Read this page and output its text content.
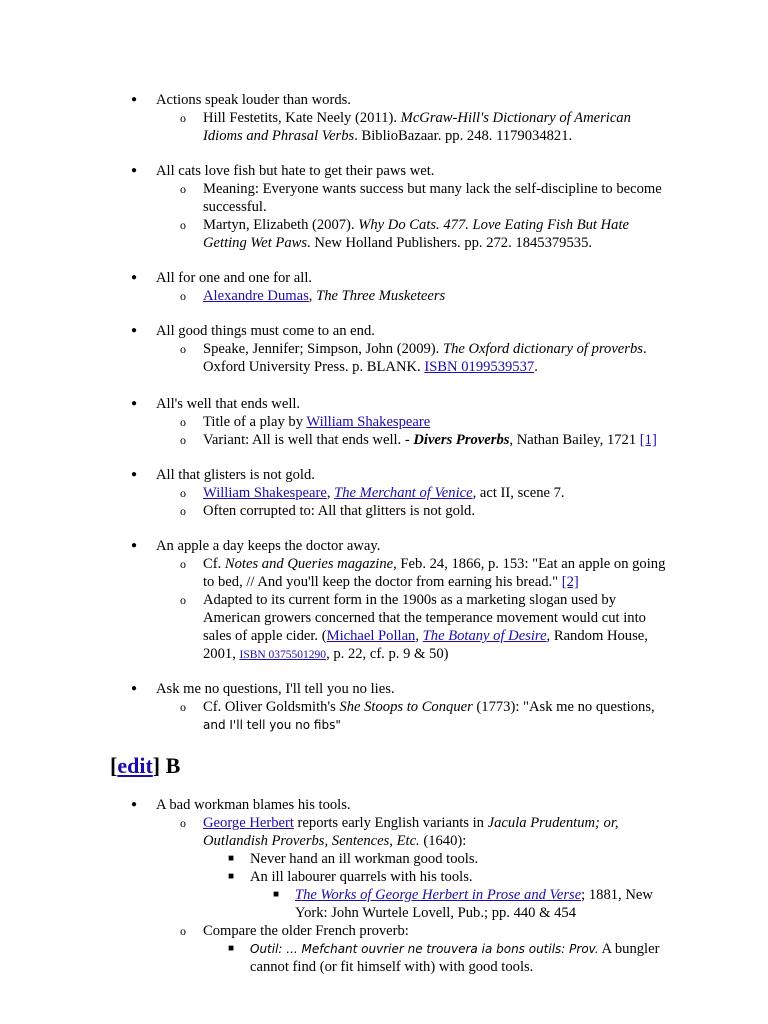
● Actions speak louder than words.
o Hill Festetits, Kate Neely (2011). McGraw-Hill's Dictionary of American
Idioms and Phrasal Verbs. BiblioBazaar. pp. 248. 1179034821.
● All cats love fish but hate to get their paws wet.
o Meaning: Everyone wants success but many lack the self-discipline to become
successful.
o Martyn, Elizabeth (2007). Why Do Cats. 477. Love Eating Fish But Hate
Getting Wet Paws. New Holland Publishers. pp. 272. 1845379535.
● All for one and one for all.
o Alexandre Dumas, The Three Musketeers
● All good things must come to an end.
o Speake, Jennifer; Simpson, John (2009). The Oxford dictionary of proverbs.
Oxford University Press. p. BLANK. ISBN 0199539537.
● All's well that ends well.
o Title of a play by William Shakespeare
o Variant: All is well that ends well. - Divers Proverbs, Nathan Bailey, 1721 [1]
● All that glisters is not gold.
o William Shakespeare, The Merchant of Venice, act II, scene 7.
o Often corrupted to: All that glitters is not gold.
● An apple a day keeps the doctor away.
o Cf. Notes and Queries magazine, Feb. 24, 1866, p. 153: "Eat an apple on going
to bed, // And you'll keep the doctor from earning his bread." [2]
o Adapted to its current form in the 1900s as a marketing slogan used by
American growers concerned that the temperance movement would cut into
sales of apple cider. (Michael Pollan, The Botany of Desire, Random House,
2001, ISBN 0375501290, p. 22, cf. p. 9 & 50)
● Ask me no questions, I'll tell you no lies.
o Cf. Oliver Goldsmith's She Stoops to Conquer (1773): "Ask me no questions,
and I'll tell you no fibs"
[edit] B
● A bad workman blames his tools.
o George Herbert reports early English variants in Jacula Prudentum; or,
Outlandish Proverbs, Sentences, Etc. (1640):
■ Never hand an ill workman good tools.
■ An ill labourer quarrels with his tools.
■ The Works of George Herbert in Prose and Verse; 1881, New
York: John Wurtele Lovell, Pub.; pp. 440 & 454
o Compare the older French proverb:
■ Outil: ... Mefchant ouvrier ne trouvera ia bons outils: Prov. A bungler
cannot find (or fit himself with) with good tools.
